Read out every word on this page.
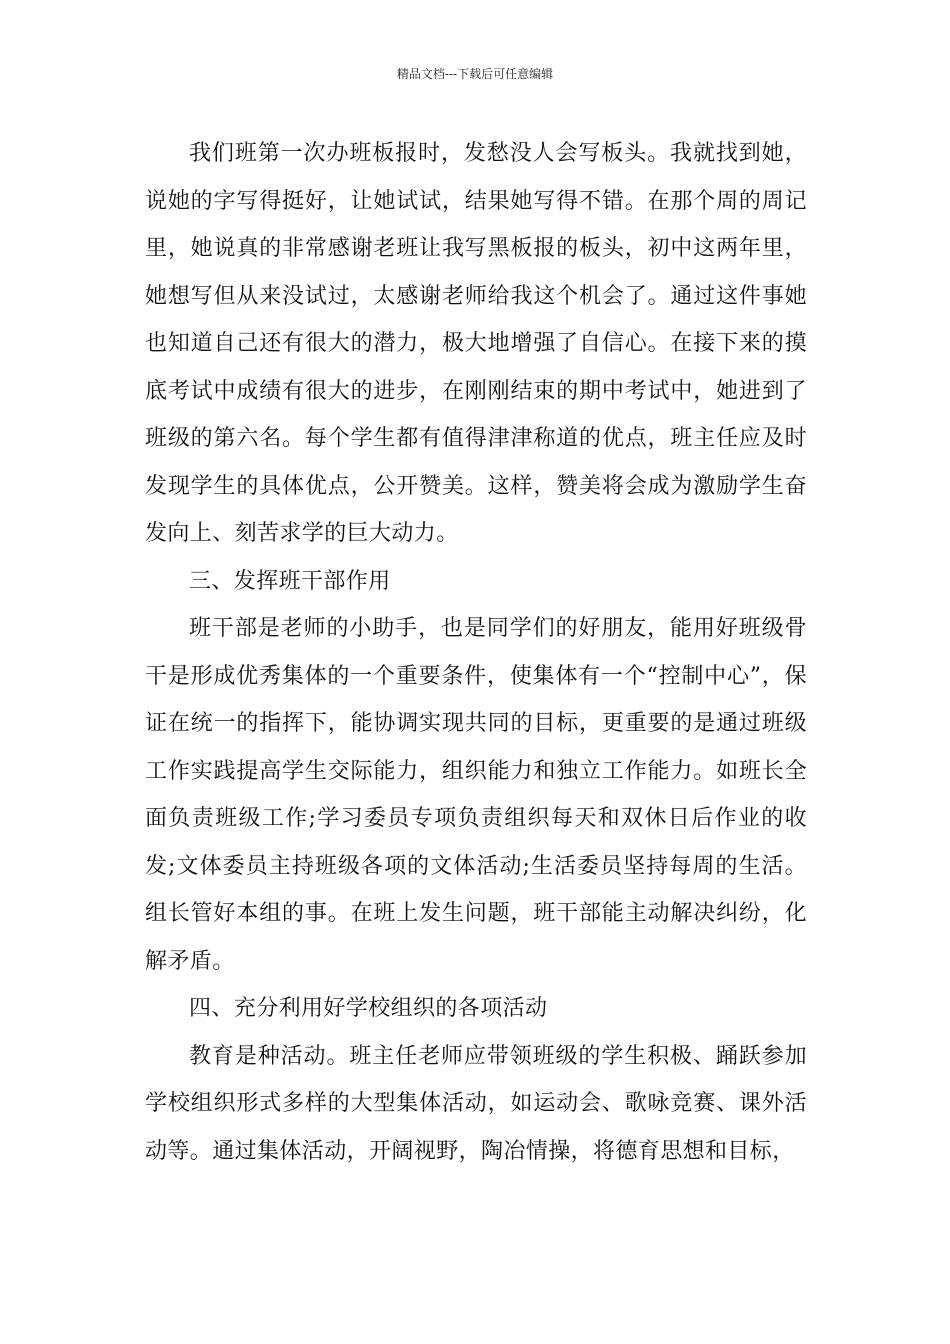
精品文档---下载后可任意编辑

我们班第一次办班板报时，发愁没人会写板头。我就找到她，说她的字写得挺好，让她试试，结果她写得不错。在那个周的周记里，她说真的非常感谢老班让我写黑板报的板头，初中这两年里，她想写但从来没试过，太感谢老师给我这个机会了。通过这件事她也知道自己还有很大的潜力，极大地增强了自信心。在接下来的摸底考试中成绩有很大的进步，在刚刚结束的期中考试中，她进到了班级的第六名。每个学生都有值得津津称道的优点，班主任应及时发现学生的具体优点，公开赞美。这样，赞美将会成为激励学生奋发向上、刻苦求学的巨大动力。

三、发挥班干部作用

班干部是老师的小助手，也是同学们的好朋友，能用好班级骨干是形成优秀集体的一个重要条件，使集体有一个“控制中心”，保证在统一的指挥下，能协调实现共同的目标，更重要的是通过班级工作实践提高学生交际能力，组织能力和独立工作能力。如班长全面负责班级工作;学习委员专项负责组织每天和双休日后作业的收发;文体委员主持班级各项的文体活动;生活委员坚持每周的生活。组长管好本组的事。在班上发生问题，班干部能主动解决纠纷，化解矛盾。

四、充分利用好学校组织的各项活动

教育是种活动。班主任老师应带领班级的学生积极、踊跃参加学校组织形式多样的大型集体活动，如运动会、歌咏竞赛、课外活动等。通过集体活动，开阔视野，陶冶情操，将德育思想和目标，
